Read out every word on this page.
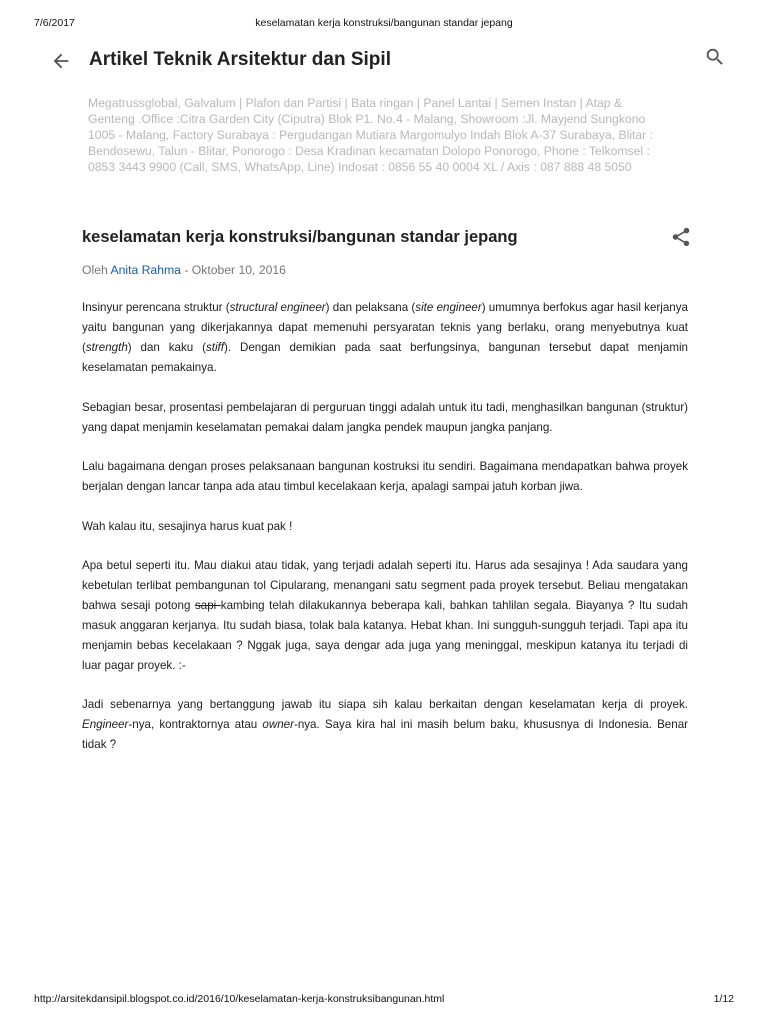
7/6/2017	keselamatan kerja konstruksi/bangunan standar jepang
Artikel Teknik Arsitektur dan Sipil
Megatrussglobal, Galvalum | Plafon dan Partisi | Bata ringan | Panel Lantai | Semen Instan | Atap & Genteng .Office :Citra Garden City (Ciputra) Blok P1. No.4 - Malang, Showroom :Jl. Mayjend Sungkono 1005 - Malang, Factory Surabaya : Pergudangan Mutiara Margomulyo Indah Blok A-37 Surabaya, Blitar : Bendosewu, Talun - Blitar, Ponorogo : Desa Kradinan kecamatan Dolopo Ponorogo, Phone : Telkomsel : 0853 3443 9900 (Call, SMS, WhatsApp, Line) Indosat : 0856 55 40 0004 XL / Axis : 087 888 48 5050
keselamatan kerja konstruksi/bangunan standar jepang
Oleh Anita Rahma - Oktober 10, 2016

Insinyur perencana struktur (structural engineer) dan pelaksana (site engineer) umumnya berfokus agar hasil kerjanya yaitu bangunan yang dikerjakannya dapat memenuhi persyaratan teknis yang berlaku, orang menyebutnya kuat (strength) dan kaku (stiff). Dengan demikian pada saat berfungsinya, bangunan tersebut dapat menjamin keselamatan pemakainya.

Sebagian besar, prosentasi pembelajaran di perguruan tinggi adalah untuk itu tadi, menghasilkan bangunan (struktur) yang dapat menjamin keselamatan pemakai dalam jangka pendek maupun jangka panjang.

Lalu bagaimana dengan proses pelaksanaan bangunan kostruksi itu sendiri. Bagaimana mendapatkan bahwa proyek berjalan dengan lancar tanpa ada atau timbul kecelakaan kerja, apalagi sampai jatuh korban jiwa.

Wah kalau itu, sesajinya harus kuat pak !

Apa betul seperti itu. Mau diakui atau tidak, yang terjadi adalah seperti itu. Harus ada sesajinya ! Ada saudara yang kebetulan terlibat pembangunan tol Cipularang, menangani satu segment pada proyek tersebut. Beliau mengatakan bahwa sesaji potong sapi kambing telah dilakukannya beberapa kali, bahkan tahlilan segala. Biayanya ? Itu sudah masuk anggaran kerjanya. Itu sudah biasa, tolak bala katanya. Hebat khan. Ini sungguh-sungguh terjadi. Tapi apa itu menjamin bebas kecelakaan ? Nggak juga, saya dengar ada juga yang meninggal, meskipun katanya itu terjadi di luar pagar proyek. :-

Jadi sebenarnya yang bertanggung jawab itu siapa sih kalau berkaitan dengan keselamatan kerja di proyek. Engineer-nya, kontraktornya atau owner-nya. Saya kira hal ini masih belum baku, khususnya di Indonesia. Benar tidak ?

http://arsitekdansipil.blogspot.co.id/2016/10/keselamatan-kerja-konstruksibangunan.html	1/12
